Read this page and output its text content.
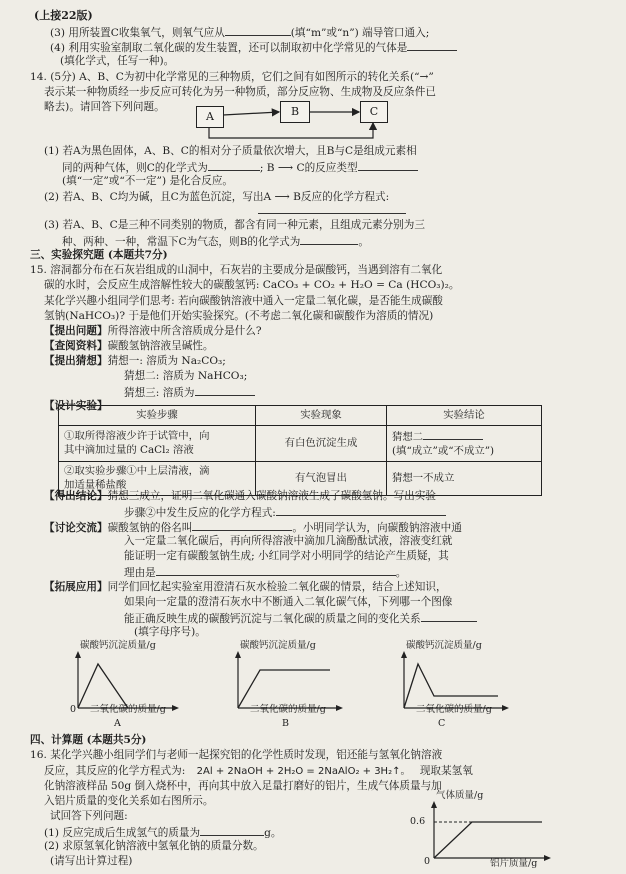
(上接22版)
(3) 用所装置C收集氧气，则氧气应从	(填“m”或“n”) 端导管口通入;
(4) 利用实验室制取二氧化碳的发生装置，还可以制取初中化学常见的气体是
(填化学式，任写一种)。
14. (5分) A、B、C为初中化学常见的三种物质，它们之间有如图所示的转化关系(“→”
表示某一种物质经一步反应可转化为另一种物质，部分反应物、生成物及反应条件已
略去)。请回答下列问题。
A	B	C
(1) 若A为黑色固体，A、B、C的相对分子质量依次增大，且B与C是组成元素相
同的两种气体，则C的化学式为	; B ⟶ C的反应类型
(填“一定”或“不一定”) 是化合反应。
(2) 若A、B、C均为碱，且C为蓝色沉淀，写出A ⟶ B反应的化学方程式:
(3) 若A、B、C是三种不同类别的物质，都含有同一种元素，且组成元素分别为三
种、两种、一种，常温下C为气态，则B的化学式为	。
三、实验探究题 (本题共7分)
15. 溶洞都分布在石灰岩组成的山洞中，石灰岩的主要成分是碳酸钙，当遇到溶有二氧化
碳的水时，会反应生成溶解性较大的碳酸氢钙: CaCO₃ + CO₂ + H₂O = Ca (HCO₃)₂。
某化学兴趣小组同学们思考: 若向碳酸钠溶液中通入一定量二氧化碳，是否能生成碳酸
氢钠(NaHCO₃)? 于是他们开始实验探究。(不考虑二氧化碳和碳酸作为溶质的情况)
【提出问题】所得溶液中所含溶质成分是什么?
【查阅资料】碳酸氢钠溶液呈碱性。
【提出猜想】猜想一: 溶质为 Na₂CO₃;
猜想二: 溶质为 NaHCO₃;
猜想三: 溶质为
【设计实验】
实验步骤	实验现象	实验结论
①取所得溶液少许于试管中，向
其中滴加过量的 CaCl₂ 溶液	有白色沉淀生成	猜想二
(填“成立”或“不成立”)
②取实验步骤①中上层清液，滴
加适量稀盐酸	有气泡冒出	猜想一不成立
【得出结论】猜想三成立，证明二氧化碳通入碳酸钠溶液生成了碳酸氢钠。写出实验
步骤②中发生反应的化学方程式:
【讨论交流】碳酸氢钠的俗名叫	。小明同学认为，向碳酸钠溶液中通
入一定量二氧化碳后，再向所得溶液中滴加几滴酚酞试液，溶液变红就
能证明一定有碳酸氢钠生成; 小红同学对小明同学的结论产生质疑，其
理由是	。
【拓展应用】同学们回忆起实验室用澄清石灰水检验二氧化碳的情景，结合上述知识，
如果向一定量的澄清石灰水中不断通入二氧化碳气体，下列哪一个图像
能正确反映生成的碳酸钙沉淀与二氧化碳的质量之间的变化关系
(填字母序号)。
碳酸钙沉淀质量/g
0 二氧化碳的质量/g
A
碳酸钙沉淀质量/g
二氧化碳的质量/g
B
碳酸钙沉淀质量/g
二氧化碳的质量/g
C
四、计算题 (本题共5分)
16. 某化学兴趣小组同学们与老师一起探究铝的化学性质时发现，铝还能与氢氧化钠溶液
反应，其反应的化学方程式为: 2Al + 2NaOH + 2H₂O = 2NaAlO₂ + 3H₂↑。 现取某氢氧
化钠溶液样品 50g 倒入烧杯中，再向其中放入足量打磨好的铝片，生成气体质量与加
入铝片质量的变化关系如右图所示。
试回答下列问题:
(1) 反应完成后生成氢气的质量为	g。
(2) 求原氢氧化钠溶液中氢氧化钠的质量分数。
(请写出计算过程)
气体质量/g
0.6
0	铝片质量/g
